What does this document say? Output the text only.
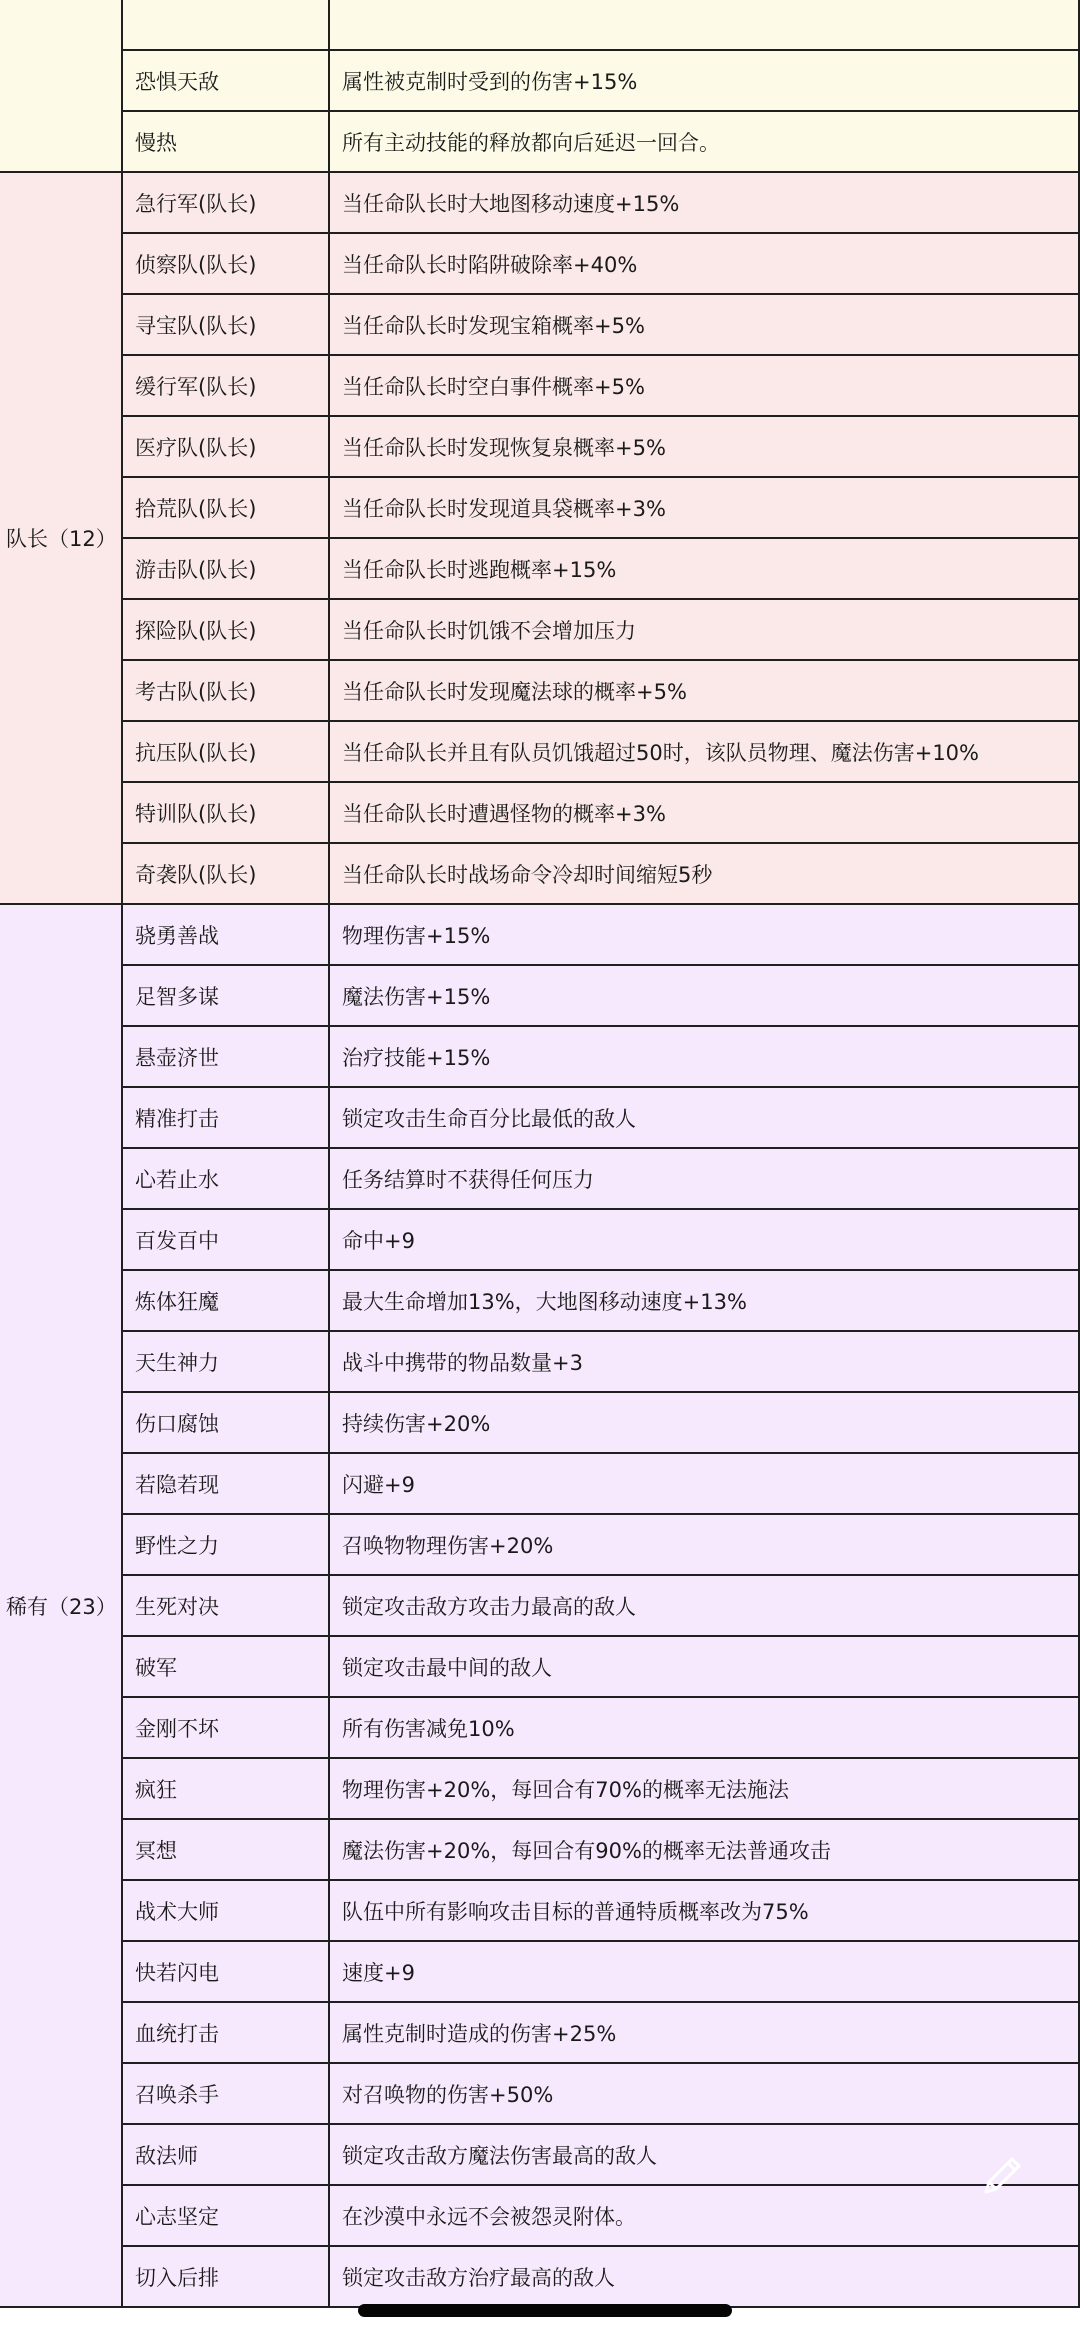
	恐惧天敌	属性被克制时受到的伤害+15%
	慢热	所有主动技能的释放都向后延迟一回合。
队长（12）	急行军(队长)	当任命队长时大地图移动速度+15%
	侦察队(队长)	当任命队长时陷阱破除率+40%
	寻宝队(队长)	当任命队长时发现宝箱概率+5%
	缓行军(队长)	当任命队长时空白事件概率+5%
	医疗队(队长)	当任命队长时发现恢复泉概率+5%
	拾荒队(队长)	当任命队长时发现道具袋概率+3%
	游击队(队长)	当任命队长时逃跑概率+15%
	探险队(队长)	当任命队长时饥饿不会增加压力
	考古队(队长)	当任命队长时发现魔法球的概率+5%
	抗压队(队长)	当任命队长并且有队员饥饿超过50时，该队员物理、魔法伤害+10%
	特训队(队长)	当任命队长时遭遇怪物的概率+3%
	奇袭队(队长)	当任命队长时战场命令冷却时间缩短5秒
稀有（23）	骁勇善战	物理伤害+15%
	足智多谋	魔法伤害+15%
	悬壶济世	治疗技能+15%
	精准打击	锁定攻击生命百分比最低的敌人
	心若止水	任务结算时不获得任何压力
	百发百中	命中+9
	炼体狂魔	最大生命增加13%，大地图移动速度+13%
	天生神力	战斗中携带的物品数量+3
	伤口腐蚀	持续伤害+20%
	若隐若现	闪避+9
	野性之力	召唤物物理伤害+20%
	生死对决	锁定攻击敌方攻击力最高的敌人
	破军	锁定攻击最中间的敌人
	金刚不坏	所有伤害减免10%
	疯狂	物理伤害+20%，每回合有70%的概率无法施法
	冥想	魔法伤害+20%，每回合有90%的概率无法普通攻击
	战术大师	队伍中所有影响攻击目标的普通特质概率改为75%
	快若闪电	速度+9
	血统打击	属性克制时造成的伤害+25%
	召唤杀手	对召唤物的伤害+50%
	敌法师	锁定攻击敌方魔法伤害最高的敌人
	心志坚定	在沙漠中永远不会被怨灵附体。
	切入后排	锁定攻击敌方治疗最高的敌人
